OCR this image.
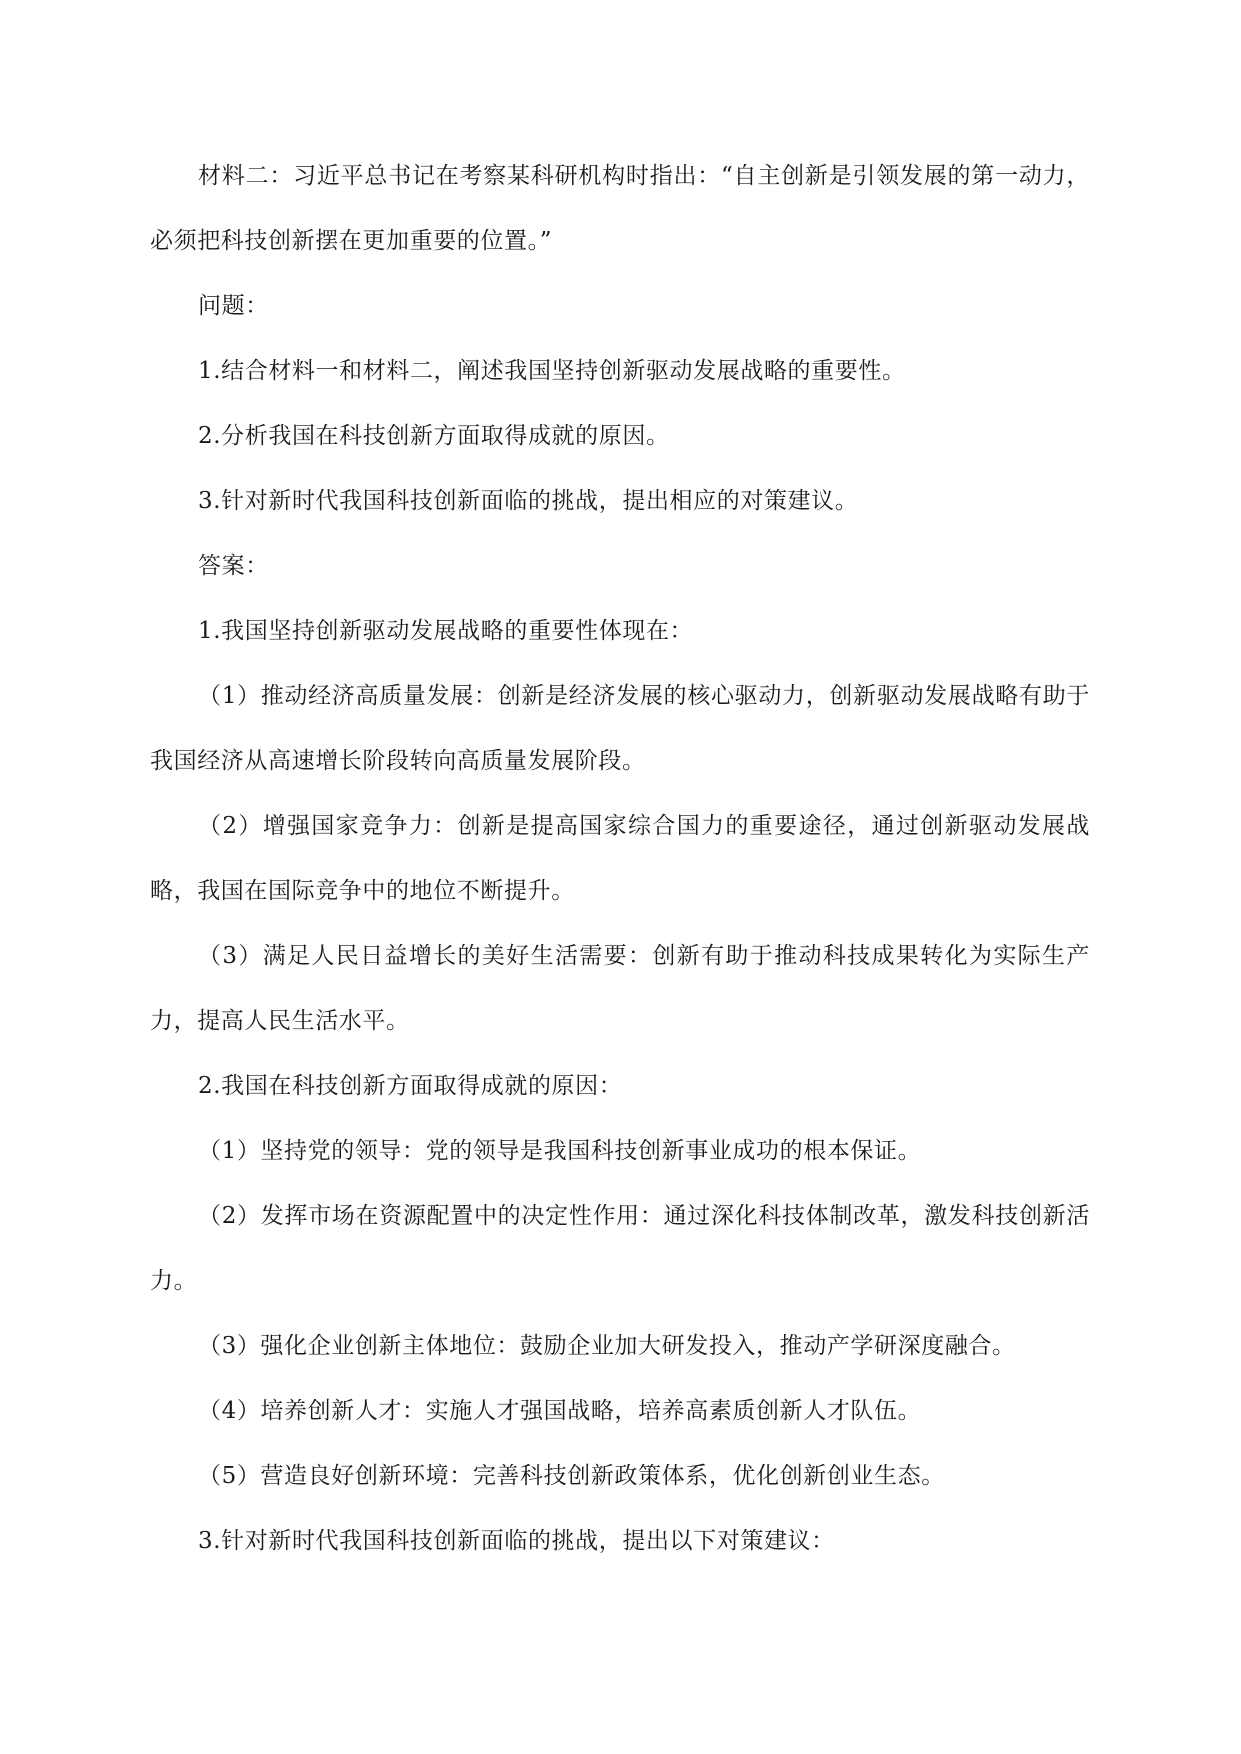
材料二：习近平总书记在考察某科研机构时指出：“自主创新是引领发展的第一动力，必须把科技创新摆在更加重要的位置。”

问题：

1.结合材料一和材料二，阐述我国坚持创新驱动发展战略的重要性。

2.分析我国在科技创新方面取得成就的原因。

3.针对新时代我国科技创新面临的挑战，提出相应的对策建议。

答案：

1.我国坚持创新驱动发展战略的重要性体现在：

（1）推动经济高质量发展：创新是经济发展的核心驱动力，创新驱动发展战略有助于我国经济从高速增长阶段转向高质量发展阶段。

（2）增强国家竞争力：创新是提高国家综合国力的重要途径，通过创新驱动发展战略，我国在国际竞争中的地位不断提升。

（3）满足人民日益增长的美好生活需要：创新有助于推动科技成果转化为实际生产力，提高人民生活水平。

2.我国在科技创新方面取得成就的原因：

（1）坚持党的领导：党的领导是我国科技创新事业成功的根本保证。

（2）发挥市场在资源配置中的决定性作用：通过深化科技体制改革，激发科技创新活力。

（3）强化企业创新主体地位：鼓励企业加大研发投入，推动产学研深度融合。

（4）培养创新人才：实施人才强国战略，培养高素质创新人才队伍。

（5）营造良好创新环境：完善科技创新政策体系，优化创新创业生态。

3.针对新时代我国科技创新面临的挑战，提出以下对策建议：
